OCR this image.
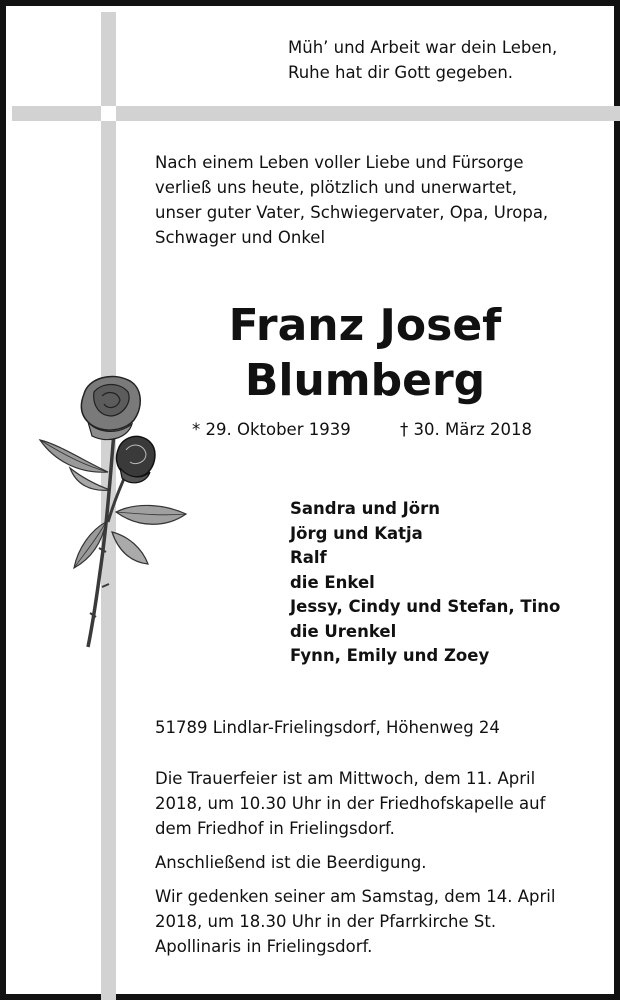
Müh’ und Arbeit war dein Leben,
Ruhe hat dir Gott gegeben.
Nach einem Leben voller Liebe und Fürsorge
verließ uns heute, plötzlich und unerwartet,
unser guter Vater, Schwiegervater, Opa, Uropa,
Schwager und Onkel
Franz Josef
Blumberg
* 29. Oktober 1939	† 30. März 2018
Sandra und Jörn
Jörg und Katja
Ralf
die Enkel
Jessy, Cindy und Stefan, Tino
die Urenkel
Fynn, Emily und Zoey
51789 Lindlar-Frielingsdorf, Höhenweg 24
Die Trauerfeier ist am Mittwoch, dem 11. April
2018, um 10.30 Uhr in der Friedhofskapelle auf
dem Friedhof in Frielingsdorf.
Anschließend ist die Beerdigung.
Wir gedenken seiner am Samstag, dem 14. April
2018, um 18.30 Uhr in der Pfarrkirche St.
Apollinaris in Frielingsdorf.
